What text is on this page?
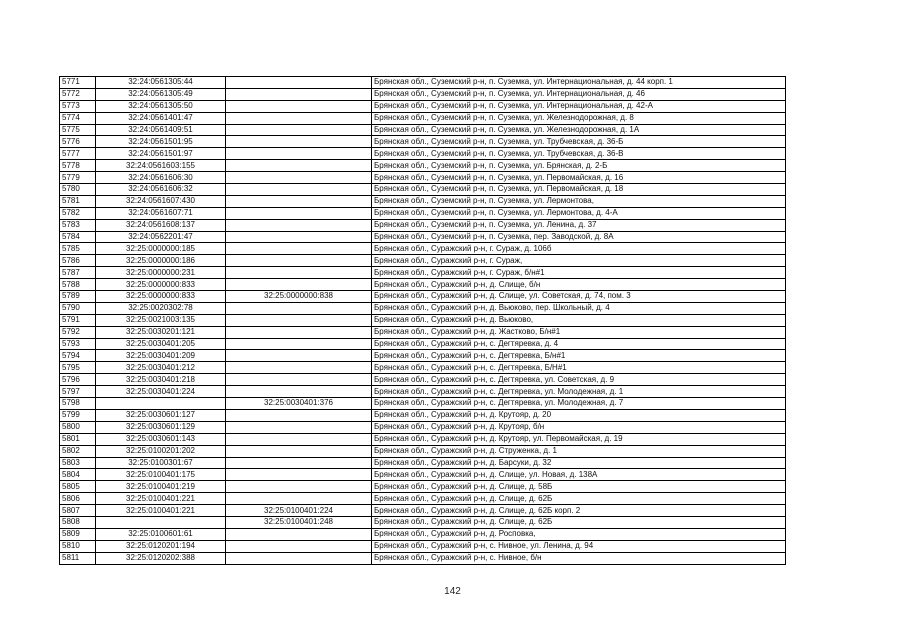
5771	32:24:0561305:44		Брянская обл., Суземский р-н, п. Суземка, ул. Интернациональная, д. 44 корп. 1
5772	32:24:0561305:49		Брянская обл., Суземский р-н, п. Суземка, ул. Интернациональная, д. 46
5773	32:24:0561305:50		Брянская обл., Суземский р-н, п. Суземка, ул. Интернациональная, д. 42-А
5774	32:24:0561401:47		Брянская обл., Суземский р-н, п. Суземка, ул. Железнодорожная, д. 8
5775	32:24:0561409:51		Брянская обл., Суземский р-н, п. Суземка, ул. Железнодорожная, д. 1А
5776	32:24:0561501:95		Брянская обл., Суземский р-н, п. Суземка, ул. Трубчевская, д. 36-Б
5777	32:24:0561501:97		Брянская обл., Суземский р-н, п. Суземка, ул. Трубчевская, д. 36-В
5778	32:24:0561603:155		Брянская обл., Суземский р-н, п. Суземка, ул. Брянская, д. 2-Б
5779	32:24:0561606:30		Брянская обл., Суземский р-н, п. Суземка, ул. Первомайская, д. 16
5780	32:24:0561606:32		Брянская обл., Суземский р-н, п. Суземка, ул. Первомайская, д. 18
5781	32:24:0561607:430		Брянская обл., Суземский р-н, п. Суземка, ул. Лермонтова,
5782	32:24:0561607:71		Брянская обл., Суземский р-н, п. Суземка, ул. Лермонтова, д. 4-А
5783	32:24:0561608:137		Брянская обл., Суземский р-н, п. Суземка, ул. Ленина, д. 37
5784	32:24:0562201:47		Брянская обл., Суземский р-н, п. Суземка, пер. Заводской, д. 8А
5785	32:25:0000000:185		Брянская обл., Суражский р-н, г. Сураж, д. 106б
5786	32:25:0000000:186		Брянская обл., Суражский р-н, г. Сураж,
5787	32:25:0000000:231		Брянская обл., Суражский р-н, г. Сураж, б/н#1
5788	32:25:0000000:833		Брянская обл., Суражский р-н, д. Слище, б/н
5789	32:25:0000000:833	32:25:0000000:838	Брянская обл., Суражский р-н, д. Слище, ул. Советская, д. 74, пом. 3
5790	32:25:0020302:78		Брянская обл., Суражский р-н, д. Вьюково, пер. Школьный, д. 4
5791	32:25:0021003:135		Брянская обл., Суражский р-н, д. Вьюково,
5792	32:25:0030201:121		Брянская обл., Суражский р-н, д. Жастково, Б/н#1
5793	32:25:0030401:205		Брянская обл., Суражский р-н, с. Дегтяревка, д. 4
5794	32:25:0030401:209		Брянская обл., Суражский р-н, с. Дегтяревка, Б/н#1
5795	32:25:0030401:212		Брянская обл., Суражский р-н, с. Дегтяревка, Б/Н#1
5796	32:25:0030401:218		Брянская обл., Суражский р-н, с. Дегтяревка, ул. Советская, д. 9
5797	32:25:0030401:224		Брянская обл., Суражский р-н, с. Дегтяревка, ул. Молодежная, д. 1
5798		32:25:0030401:376	Брянская обл., Суражский р-н, с. Дегтяревка, ул. Молодежная, д. 7
5799	32:25:0030601:127		Брянская обл., Суражский р-н, д. Крутояр, д. 20
5800	32:25:0030601:129		Брянская обл., Суражский р-н, д. Крутояр, б/н
5801	32:25:0030601:143		Брянская обл., Суражский р-н, д. Крутояр, ул. Первомайская, д. 19
5802	32:25:0100201:202		Брянская обл., Суражский р-н, д. Струженка, д. 1
5803	32:25:0100301:67		Брянская обл., Суражский р-н, д. Барсуки, д. 32
5804	32:25:0100401:175		Брянская обл., Суражский р-н, д. Слище, ул. Новая, д. 138А
5805	32:25:0100401:219		Брянская обл., Суражский р-н, д. Слище, д. 58Б
5806	32:25:0100401:221		Брянская обл., Суражский р-н, д. Слище, д. 62Б
5807	32:25:0100401:221	32:25:0100401:224	Брянская обл., Суражский р-н, д. Слище, д. 62Б корп. 2
5808		32:25:0100401:248	Брянская обл., Суражский р-н, д. Слище, д. 62Б
5809	32:25:0100601:61		Брянская обл., Суражский р-н, д. Росповка,
5810	32:25:0120201:194		Брянская обл., Суражский р-н, с. Нивное, ул. Ленина, д. 94
5811	32:25:0120202:388		Брянская обл., Суражский р-н, с. Нивное, б/н
142
